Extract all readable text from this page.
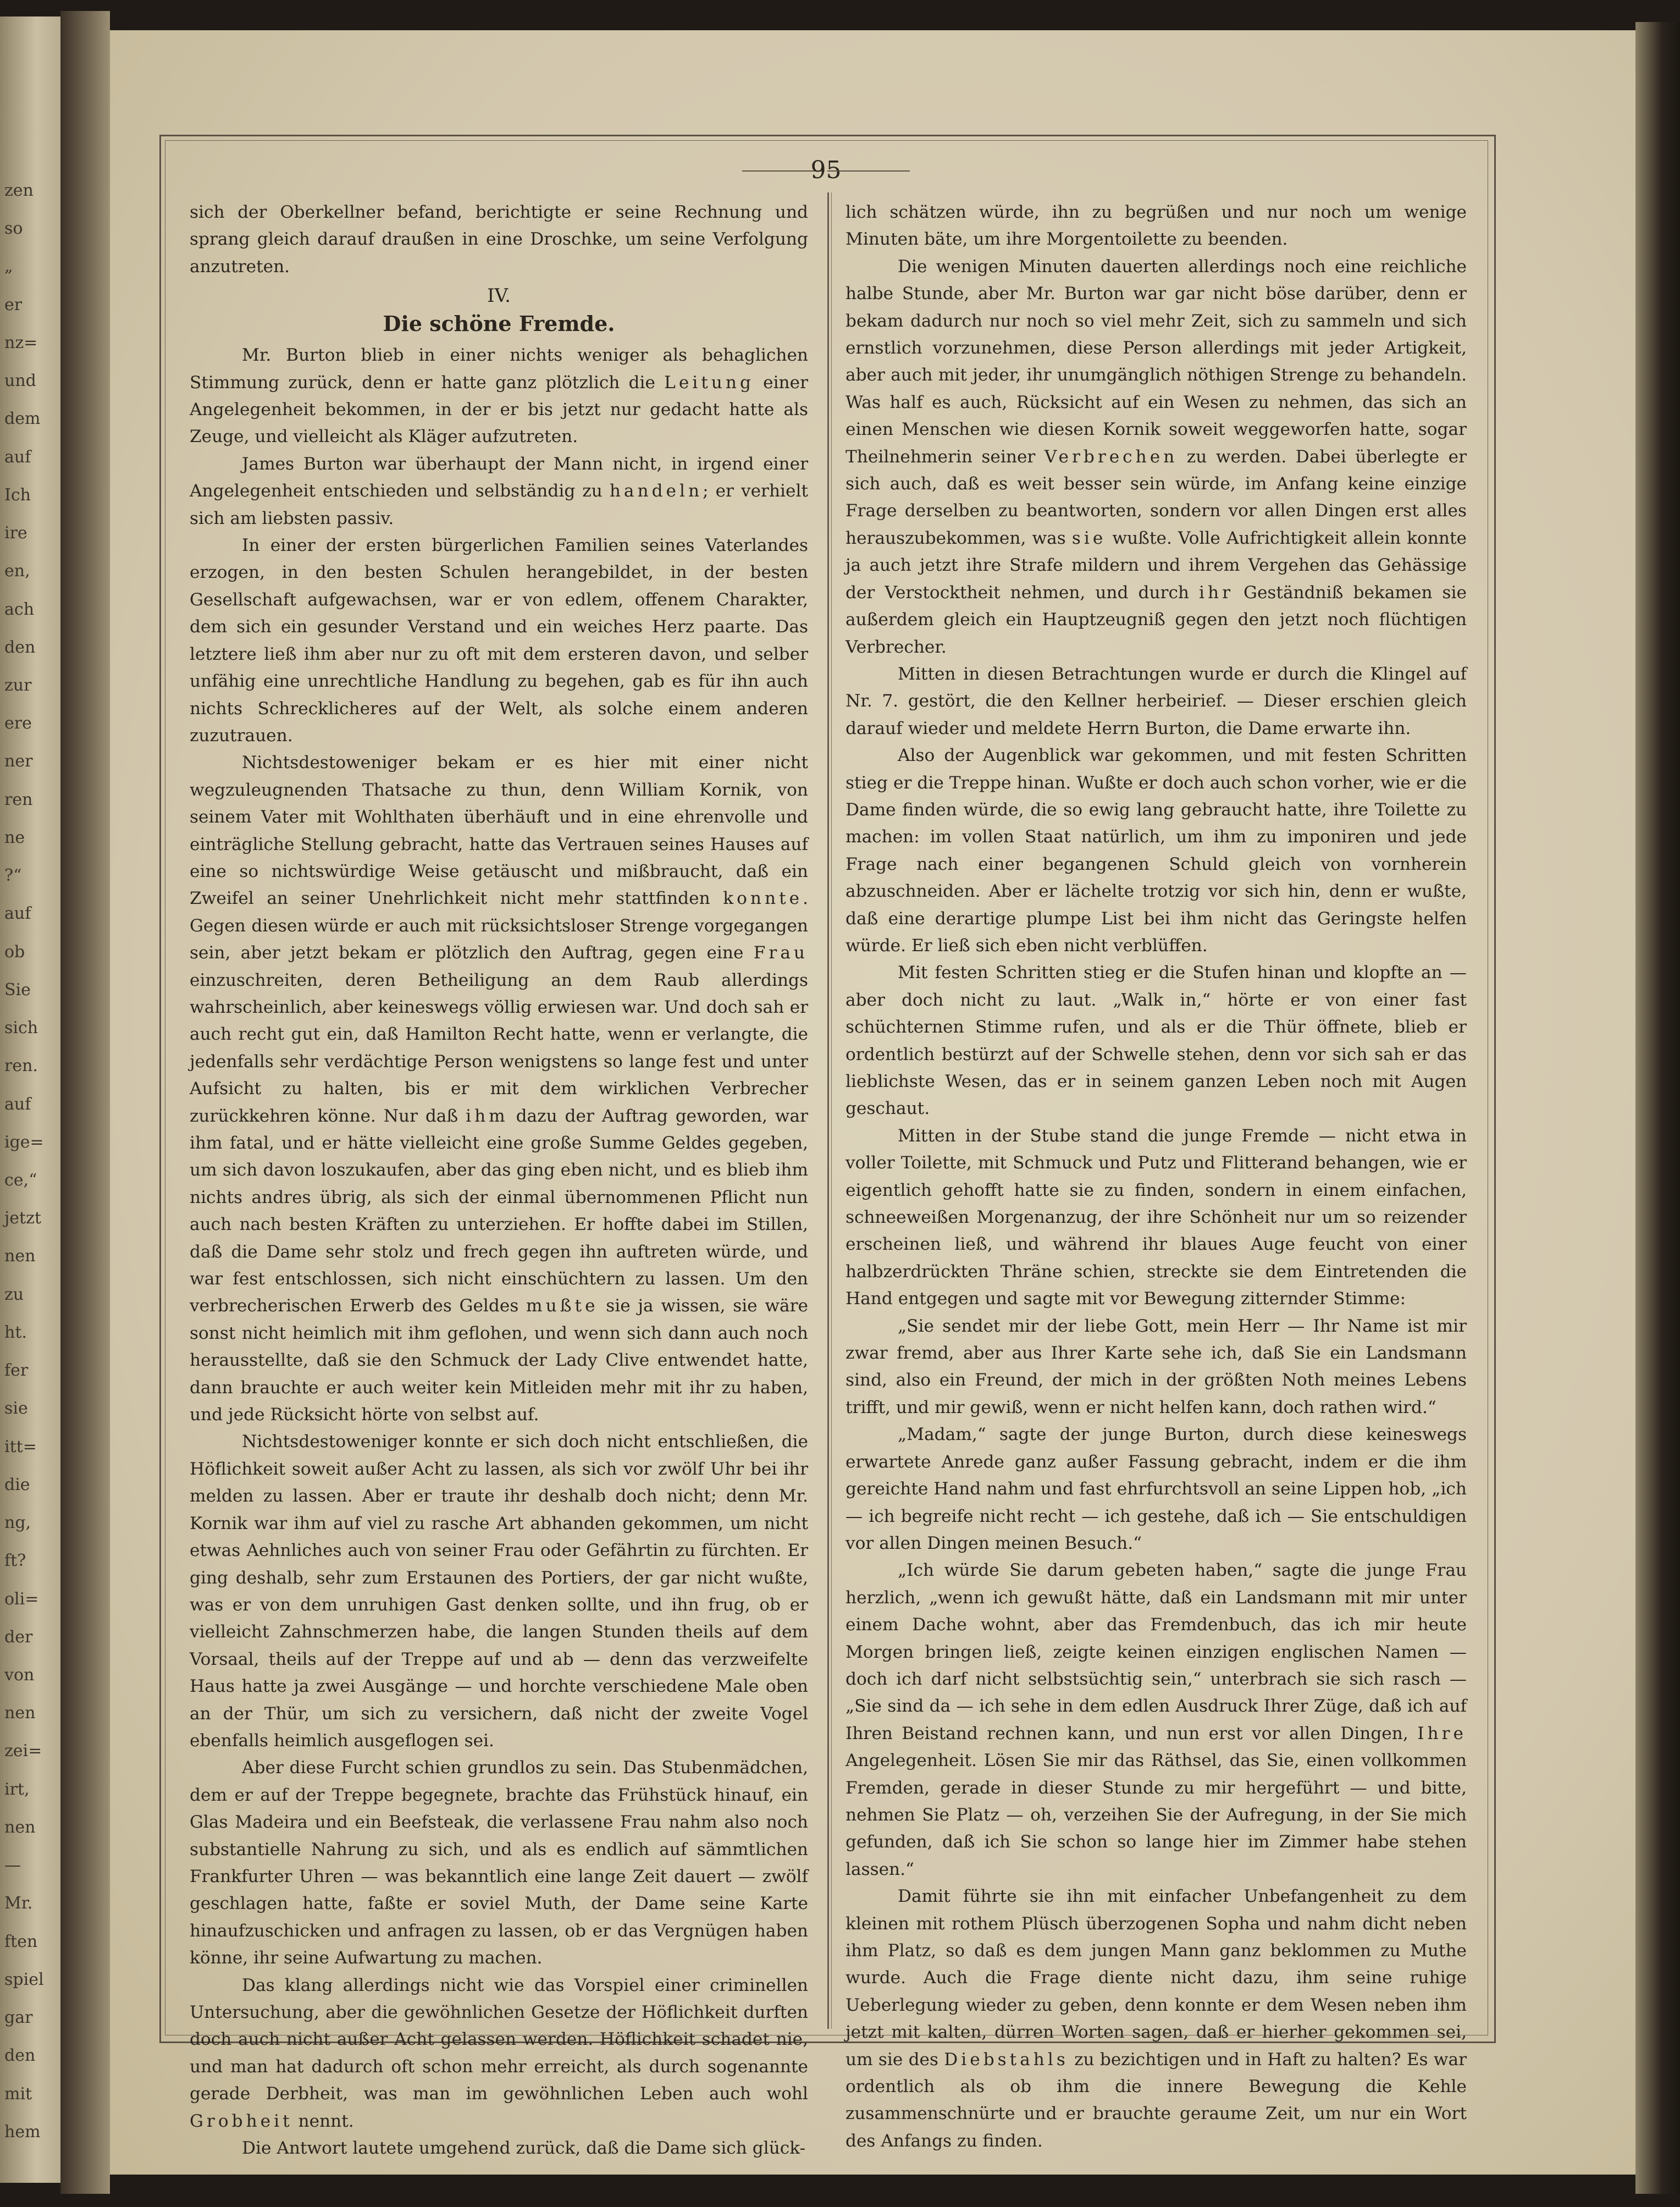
zen
so
„
er
nz=
und
dem
auf
Ich
ire
en,
ach
den
zur
ere
ner
ren
ne
?“
auf
ob
Sie
sich
ren.
auf
ige=
ce,“
jetzt
nen
zu
ht.
fer
sie
itt=
die
ng,
ft?
oli=
der
von
nen
zei=
irt,
nen
—
Mr.
ften
spiel
gar
den
mit
hem
95

sich der Oberkellner befand, berichtigte er seine Rechnung und sprang gleich darauf draußen in eine Droschke, um seine Verfolgung anzutreten.

IV.
Die schöne Fremde.

Mr. Burton blieb in einer nichts weniger als behaglichen Stimmung zurück, denn er hatte ganz plötzlich die Leitung einer Angelegenheit bekommen, in der er bis jetzt nur gedacht hatte als Zeuge, und vielleicht als Kläger aufzutreten.

James Burton war überhaupt der Mann nicht, in irgend einer Angelegenheit entschieden und selbständig zu handeln; er verhielt sich am liebsten passiv.

In einer der ersten bürgerlichen Familien seines Vaterlandes erzogen, in den besten Schulen herangebildet, in der besten Gesellschaft aufgewachsen, war er von edlem, offenem Charakter, dem sich ein gesunder Verstand und ein weiches Herz paarte. Das letztere ließ ihm aber nur zu oft mit dem ersteren davon, und selber unfähig eine unrechtliche Handlung zu begehen, gab es für ihn auch nichts Schrecklicheres auf der Welt, als solche einem anderen zuzutrauen.

Nichtsdestoweniger bekam er es hier mit einer nicht wegzuleugnenden Thatsache zu thun, denn William Kornik, von seinem Vater mit Wohlthaten überhäuft und in eine ehrenvolle und einträgliche Stellung gebracht, hatte das Vertrauen seines Hauses auf eine so nichtswürdige Weise getäuscht und mißbraucht, daß ein Zweifel an seiner Unehrlichkeit nicht mehr stattfinden konnte. Gegen diesen würde er auch mit rücksichtsloser Strenge vorgegangen sein, aber jetzt bekam er plötzlich den Auftrag, gegen eine Frau einzuschreiten, deren Betheiligung an dem Raub allerdings wahrscheinlich, aber keineswegs völlig erwiesen war. Und doch sah er auch recht gut ein, daß Hamilton Recht hatte, wenn er verlangte, die jedenfalls sehr verdächtige Person wenigstens so lange fest und unter Aufsicht zu halten, bis er mit dem wirklichen Verbrecher zurückkehren könne. Nur daß ihm dazu der Auftrag geworden, war ihm fatal, und er hätte vielleicht eine große Summe Geldes gegeben, um sich davon loszukaufen, aber das ging eben nicht, und es blieb ihm nichts andres übrig, als sich der einmal übernommenen Pflicht nun auch nach besten Kräften zu unterziehen. Er hoffte dabei im Stillen, daß die Dame sehr stolz und frech gegen ihn auftreten würde, und war fest entschlossen, sich nicht einschüchtern zu lassen. Um den verbrecherischen Erwerb des Geldes mußte sie ja wissen, sie wäre sonst nicht heimlich mit ihm geflohen, und wenn sich dann auch noch herausstellte, daß sie den Schmuck der Lady Clive entwendet hatte, dann brauchte er auch weiter kein Mitleiden mehr mit ihr zu haben, und jede Rücksicht hörte von selbst auf.

Nichtsdestoweniger konnte er sich doch nicht entschließen, die Höflichkeit soweit außer Acht zu lassen, als sich vor zwölf Uhr bei ihr melden zu lassen. Aber er traute ihr deshalb doch nicht; denn Mr. Kornik war ihm auf viel zu rasche Art abhanden gekommen, um nicht etwas Aehnliches auch von seiner Frau oder Gefährtin zu fürchten. Er ging deshalb, sehr zum Erstaunen des Portiers, der gar nicht wußte, was er von dem unruhigen Gast denken sollte, und ihn frug, ob er vielleicht Zahnschmerzen habe, die langen Stunden theils auf dem Vorsaal, theils auf der Treppe auf und ab — denn das verzweifelte Haus hatte ja zwei Ausgänge — und horchte verschiedene Male oben an der Thür, um sich zu versichern, daß nicht der zweite Vogel ebenfalls heimlich ausgeflogen sei.

Aber diese Furcht schien grundlos zu sein. Das Stubenmädchen, dem er auf der Treppe begegnete, brachte das Frühstück hinauf, ein Glas Madeira und ein Beefsteak, die verlassene Frau nahm also noch substantielle Nahrung zu sich, und als es endlich auf sämmtlichen Frankfurter Uhren — was bekanntlich eine lange Zeit dauert — zwölf geschlagen hatte, faßte er soviel Muth, der Dame seine Karte hinaufzuschicken und anfragen zu lassen, ob er das Vergnügen haben könne, ihr seine Aufwartung zu machen.

Das klang allerdings nicht wie das Vorspiel einer criminellen Untersuchung, aber die gewöhnlichen Gesetze der Höflichkeit durften doch auch nicht außer Acht gelassen werden. Höflichkeit schadet nie, und man hat dadurch oft schon mehr erreicht, als durch sogenannte gerade Derbheit, was man im gewöhnlichen Leben auch wohl Grobheit nennt.

Die Antwort lautete umgehend zurück, daß die Dame sich glück-

lich schätzen würde, ihn zu begrüßen und nur noch um wenige Minuten bäte, um ihre Morgentoilette zu beenden.

Die wenigen Minuten dauerten allerdings noch eine reichliche halbe Stunde, aber Mr. Burton war gar nicht böse darüber, denn er bekam dadurch nur noch so viel mehr Zeit, sich zu sammeln und sich ernstlich vorzunehmen, diese Person allerdings mit jeder Artigkeit, aber auch mit jeder, ihr unumgänglich nöthigen Strenge zu behandeln. Was half es auch, Rücksicht auf ein Wesen zu nehmen, das sich an einen Menschen wie diesen Kornik soweit weggeworfen hatte, sogar Theilnehmerin seiner Verbrechen zu werden. Dabei überlegte er sich auch, daß es weit besser sein würde, im Anfang keine einzige Frage derselben zu beantworten, sondern vor allen Dingen erst alles herauszubekommen, was sie wußte. Volle Aufrichtigkeit allein konnte ja auch jetzt ihre Strafe mildern und ihrem Vergehen das Gehässige der Verstocktheit nehmen, und durch ihr Geständniß bekamen sie außerdem gleich ein Hauptzeugniß gegen den jetzt noch flüchtigen Verbrecher.

Mitten in diesen Betrachtungen wurde er durch die Klingel auf Nr. 7. gestört, die den Kellner herbeirief. — Dieser erschien gleich darauf wieder und meldete Herrn Burton, die Dame erwarte ihn.

Also der Augenblick war gekommen, und mit festen Schritten stieg er die Treppe hinan. Wußte er doch auch schon vorher, wie er die Dame finden würde, die so ewig lang gebraucht hatte, ihre Toilette zu machen: im vollen Staat natürlich, um ihm zu imponiren und jede Frage nach einer begangenen Schuld gleich von vornherein abzuschneiden. Aber er lächelte trotzig vor sich hin, denn er wußte, daß eine derartige plumpe List bei ihm nicht das Geringste helfen würde. Er ließ sich eben nicht verblüffen.

Mit festen Schritten stieg er die Stufen hinan und klopfte an — aber doch nicht zu laut. „Walk in,“ hörte er von einer fast schüchternen Stimme rufen, und als er die Thür öffnete, blieb er ordentlich bestürzt auf der Schwelle stehen, denn vor sich sah er das lieblichste Wesen, das er in seinem ganzen Leben noch mit Augen geschaut.

Mitten in der Stube stand die junge Fremde — nicht etwa in voller Toilette, mit Schmuck und Putz und Flitterand behangen, wie er eigentlich gehofft hatte sie zu finden, sondern in einem einfachen, schneeweißen Morgenanzug, der ihre Schönheit nur um so reizender erscheinen ließ, und während ihr blaues Auge feucht von einer halbzerdrückten Thräne schien, streckte sie dem Eintretenden die Hand entgegen und sagte mit vor Bewegung zitternder Stimme:

„Sie sendet mir der liebe Gott, mein Herr — Ihr Name ist mir zwar fremd, aber aus Ihrer Karte sehe ich, daß Sie ein Landsmann sind, also ein Freund, der mich in der größten Noth meines Lebens trifft, und mir gewiß, wenn er nicht helfen kann, doch rathen wird.“

„Madam,“ sagte der junge Burton, durch diese keineswegs erwartete Anrede ganz außer Fassung gebracht, indem er die ihm gereichte Hand nahm und fast ehrfurchtsvoll an seine Lippen hob, „ich — ich begreife nicht recht — ich gestehe, daß ich — Sie entschuldigen vor allen Dingen meinen Besuch.“

„Ich würde Sie darum gebeten haben,“ sagte die junge Frau herzlich, „wenn ich gewußt hätte, daß ein Landsmann mit mir unter einem Dache wohnt, aber das Fremdenbuch, das ich mir heute Morgen bringen ließ, zeigte keinen einzigen englischen Namen — doch ich darf nicht selbstsüchtig sein,“ unterbrach sie sich rasch — „Sie sind da — ich sehe in dem edlen Ausdruck Ihrer Züge, daß ich auf Ihren Beistand rechnen kann, und nun erst vor allen Dingen, Ihre Angelegenheit. Lösen Sie mir das Räthsel, das Sie, einen vollkommen Fremden, gerade in dieser Stunde zu mir hergeführt — und bitte, nehmen Sie Platz — oh, verzeihen Sie der Aufregung, in der Sie mich gefunden, daß ich Sie schon so lange hier im Zimmer habe stehen lassen.“

Damit führte sie ihn mit einfacher Unbefangenheit zu dem kleinen mit rothem Plüsch überzogenen Sopha und nahm dicht neben ihm Platz, so daß es dem jungen Mann ganz beklommen zu Muthe wurde. Auch die Frage diente nicht dazu, ihm seine ruhige Ueberlegung wieder zu geben, denn konnte er dem Wesen neben ihm jetzt mit kalten, dürren Worten sagen, daß er hierher gekommen sei, um sie des Diebstahls zu bezichtigen und in Haft zu halten? Es war ordentlich als ob ihm die innere Bewegung die Kehle zusammenschnürte und er brauchte geraume Zeit, um nur ein Wort des Anfangs zu finden.
